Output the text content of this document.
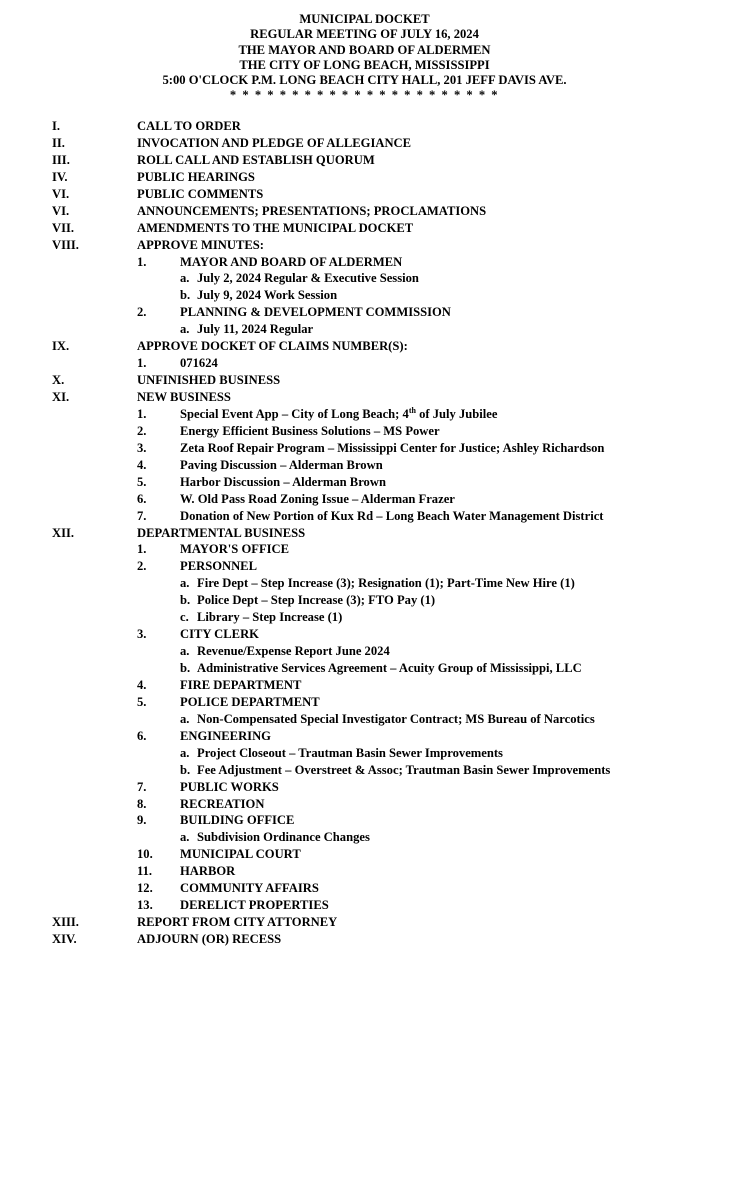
MUNICIPAL DOCKET
REGULAR MEETING OF JULY 16, 2024
THE MAYOR AND BOARD OF ALDERMEN
THE CITY OF LONG BEACH, MISSISSIPPI
5:00 O'CLOCK P.M. LONG BEACH CITY HALL, 201 JEFF DAVIS AVE.
* * * * * * * * * * * * * * * * * * * * * *
I.	CALL TO ORDER
II.	INVOCATION AND PLEDGE OF ALLEGIANCE
III.	ROLL CALL AND ESTABLISH QUORUM
IV.	PUBLIC HEARINGS
VI.	PUBLIC COMMENTS
VI.	ANNOUNCEMENTS; PRESENTATIONS; PROCLAMATIONS
VII.	AMENDMENTS TO THE MUNICIPAL DOCKET
VIII.	APPROVE MINUTES:
1.	MAYOR AND BOARD OF ALDERMEN
a. July 2, 2024 Regular & Executive Session
b. July 9, 2024 Work Session
2.	PLANNING & DEVELOPMENT COMMISSION
a. July 11, 2024 Regular
IX.	APPROVE DOCKET OF CLAIMS NUMBER(S):
1.	071624
X.	UNFINISHED BUSINESS
XI.	NEW BUSINESS
1.	Special Event App – City of Long Beach; 4th of July Jubilee
2.	Energy Efficient Business Solutions – MS Power
3.	Zeta Roof Repair Program – Mississippi Center for Justice; Ashley Richardson
4.	Paving Discussion – Alderman Brown
5.	Harbor Discussion – Alderman Brown
6.	W. Old Pass Road Zoning Issue – Alderman Frazer
7.	Donation of New Portion of Kux Rd – Long Beach Water Management District
XII.	DEPARTMENTAL BUSINESS
1.	MAYOR'S OFFICE
2.	PERSONNEL
a. Fire Dept – Step Increase (3); Resignation (1); Part-Time New Hire (1)
b. Police Dept – Step Increase (3); FTO Pay (1)
c. Library – Step Increase (1)
3.	CITY CLERK
a. Revenue/Expense Report June 2024
b. Administrative Services Agreement – Acuity Group of Mississippi, LLC
4.	FIRE DEPARTMENT
5.	POLICE DEPARTMENT
a. Non-Compensated Special Investigator Contract; MS Bureau of Narcotics
6.	ENGINEERING
a. Project Closeout – Trautman Basin Sewer Improvements
b. Fee Adjustment – Overstreet & Assoc; Trautman Basin Sewer Improvements
7.	PUBLIC WORKS
8.	RECREATION
9.	BUILDING OFFICE
a. Subdivision Ordinance Changes
10. MUNICIPAL COURT
11. HARBOR
12. COMMUNITY AFFAIRS
13. DERELICT PROPERTIES
XIII.	REPORT FROM CITY ATTORNEY
XIV.	ADJOURN (OR) RECESS
